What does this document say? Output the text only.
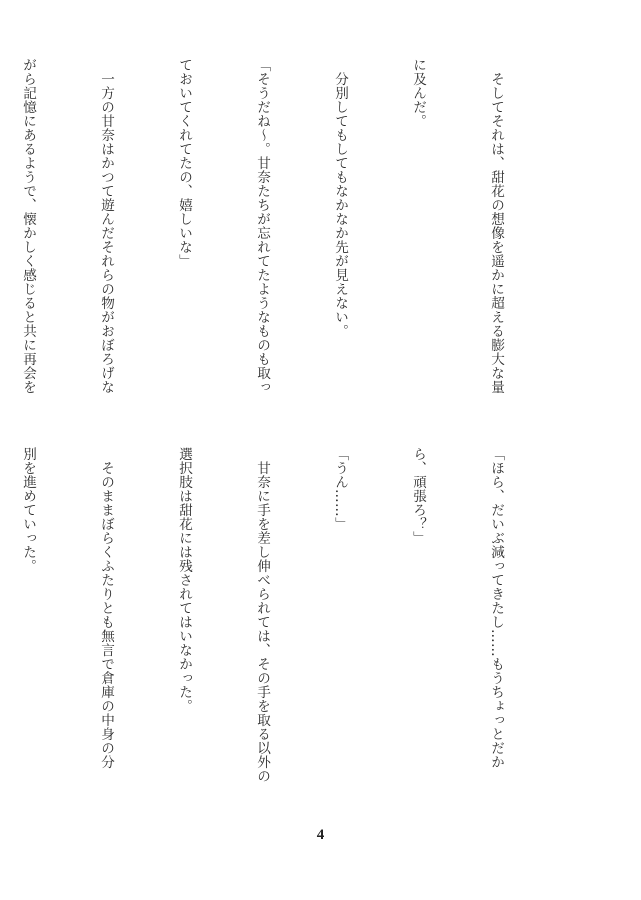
　そしてそれは、甜花の想像を遥かに超える膨大な量

に及んだ。

　分別してもしてもなかなか先が見えない。

「そうだね～。甘奈たちが忘れてたようなものも取っ

ておいてくれてたの、嬉しいな」

　一方の甘奈はかつて遊んだそれらの物がおぼろげな

がら記憶にあるようで、懐かしく感じると共に再会を

「ほら、だいぶ減ってきたし……もうちょっとだか

ら、頑張ろ？」

「うん……」

　甘奈に手を差し伸べられては、その手を取る以外の

選択肢は甜花には残されてはいなかった。

　そのままぼらくふたりとも無言で倉庫の中身の分

別を進めていった。

4
